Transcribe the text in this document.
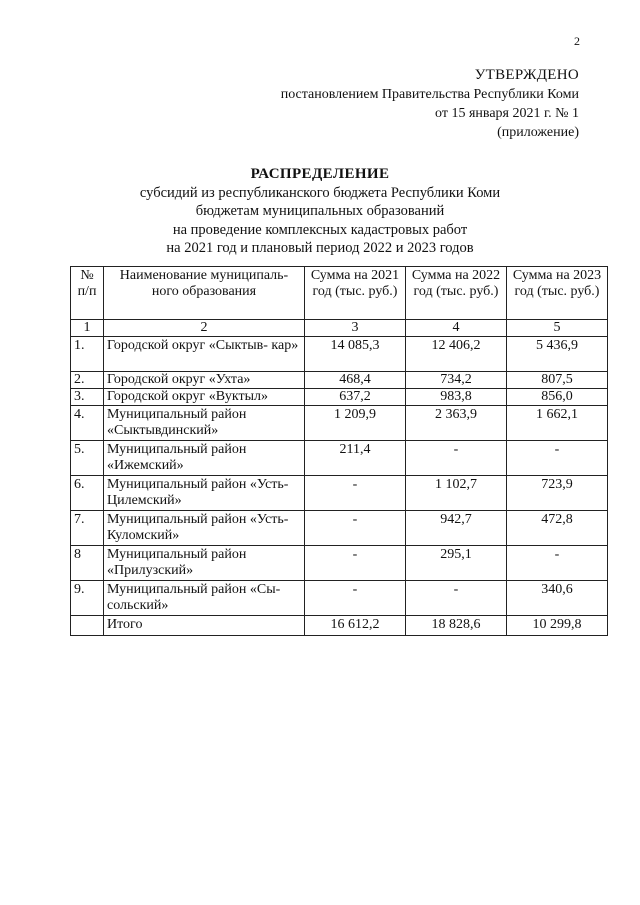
2
УТВЕРЖДЕНО
постановлением Правительства Республики Коми
от 15 января 2021 г. № 1
(приложение)
РАСПРЕДЕЛЕНИЕ
субсидий из республиканского бюджета Республики Коми
бюджетам муниципальных образований
на проведение комплексных кадастровых работ
на 2021 год и плановый период 2022 и 2023 годов
№ п/п	Наименование муниципаль- ного образования	Сумма на 2021 год (тыс. руб.)	Сумма на 2022 год (тыс. руб.)	Сумма на 2023 год (тыс. руб.)
1	2	3	4	5
1.	Городской округ «Сыктыв- кар»	14 085,3	12 406,2	5 436,9
2.	Городской округ «Ухта»	468,4	734,2	807,5
3.	Городской округ «Вуктыл»	637,2	983,8	856,0
4.	Муниципальный район «Сыктывдинский»	1 209,9	2 363,9	1 662,1
5.	Муниципальный район «Ижемский»	211,4	-	-
6.	Муниципальный район «Усть-Цилемский»	-	1 102,7	723,9
7.	Муниципальный район «Усть-Куломский»	-	942,7	472,8
8	Муниципальный район «Прилузский»	-	295,1	-
9.	Муниципальный район «Сы- сольский»	-	-	340,6
	Итого	16 612,2	18 828,6	10 299,8
